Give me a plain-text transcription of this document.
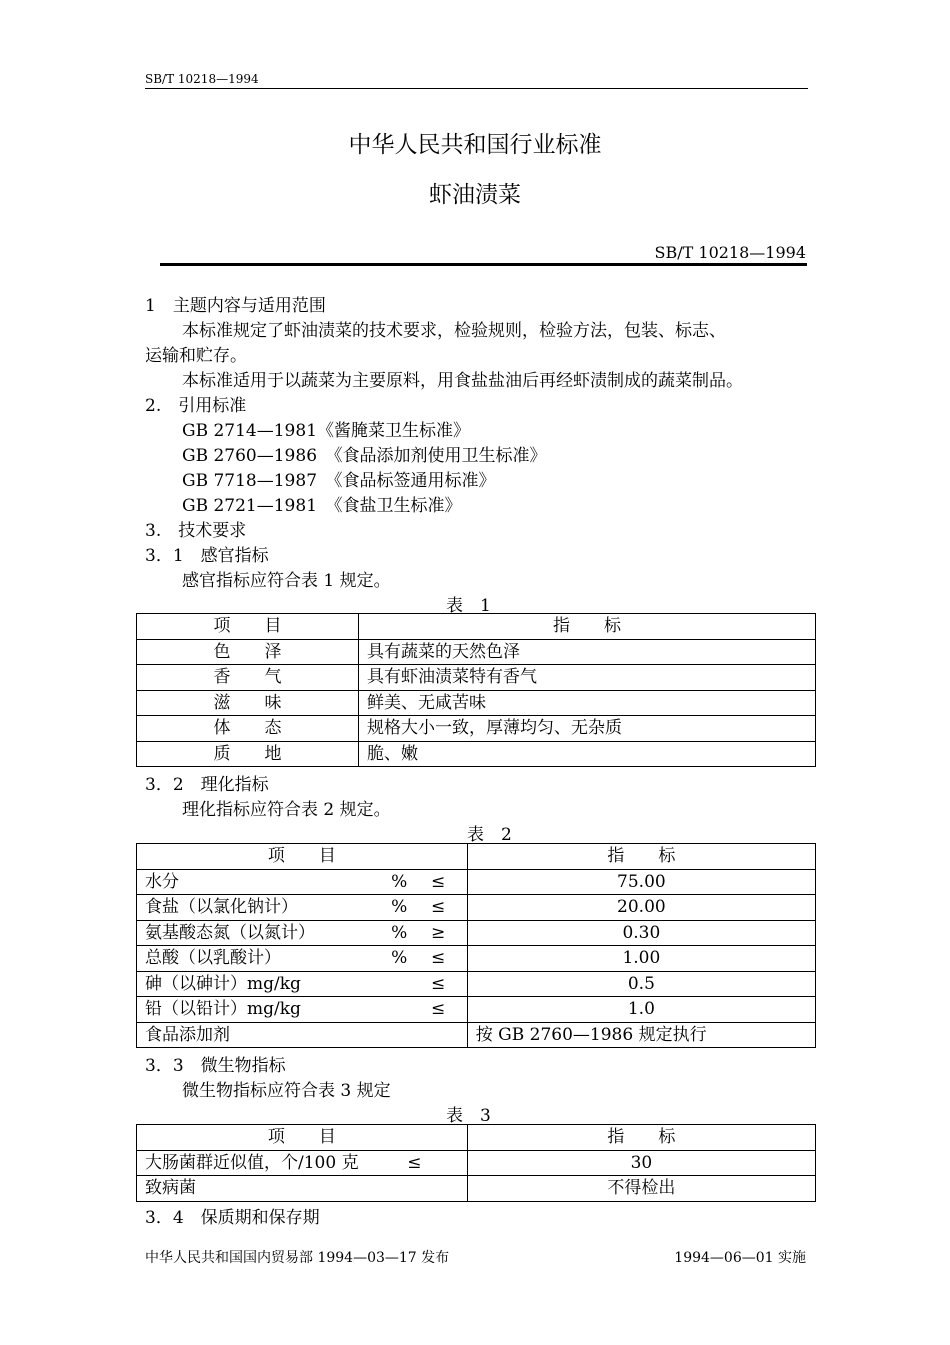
SB/T 10218—1994
中华人民共和国行业标准
虾油渍菜
SB/T 10218—1994
1　主题内容与适用范围
本标准规定了虾油渍菜的技术要求，检验规则，检验方法，包装、标志、
运输和贮存。
本标准适用于以蔬菜为主要原料，用食盐盐油后再经虾渍制成的蔬菜制品。
2.　引用标准
GB 2714—1981《酱腌菜卫生标准》
GB 2760—1986　《食品添加剂使用卫生标准》
GB 7718—1987　《食品标签通用标准》
GB 2721—1981　《食盐卫生标准》
3.　技术要求
3．1　感官指标
感官指标应符合表 1 规定。
表　1
项　　目	指　　标
色　　泽	具有蔬菜的天然色泽
香　　气	具有虾油渍菜特有香气
滋　　味	鲜美、无咸苦味
体　　态	规格大小一致，厚薄均匀、无杂质
质　　地	脆、嫩
3．2　理化指标
理化指标应符合表 2 规定。
表　2
项　　目			指　　标
水分	%	≤	75.00
食盐（以氯化钠计）	%	≤	20.00
氨基酸态氮（以氮计）	%	≥	0.30
总酸（以乳酸计）	%	≤	1.00
砷（以砷计）mg/kg		≤	0.5
铅（以铅计）mg/kg		≤	1.0
食品添加剂			按 GB 2760—1986 规定执行
3．3　微生物指标
微生物指标应符合表 3 规定
表　3
项　　目		指　　标
大肠菌群近似值，个/100 克	≤	30
致病菌		不得检出
3．4　保质期和保存期
中华人民共和国国内贸易部 1994—03—17 发布	1994—06—01 实施
